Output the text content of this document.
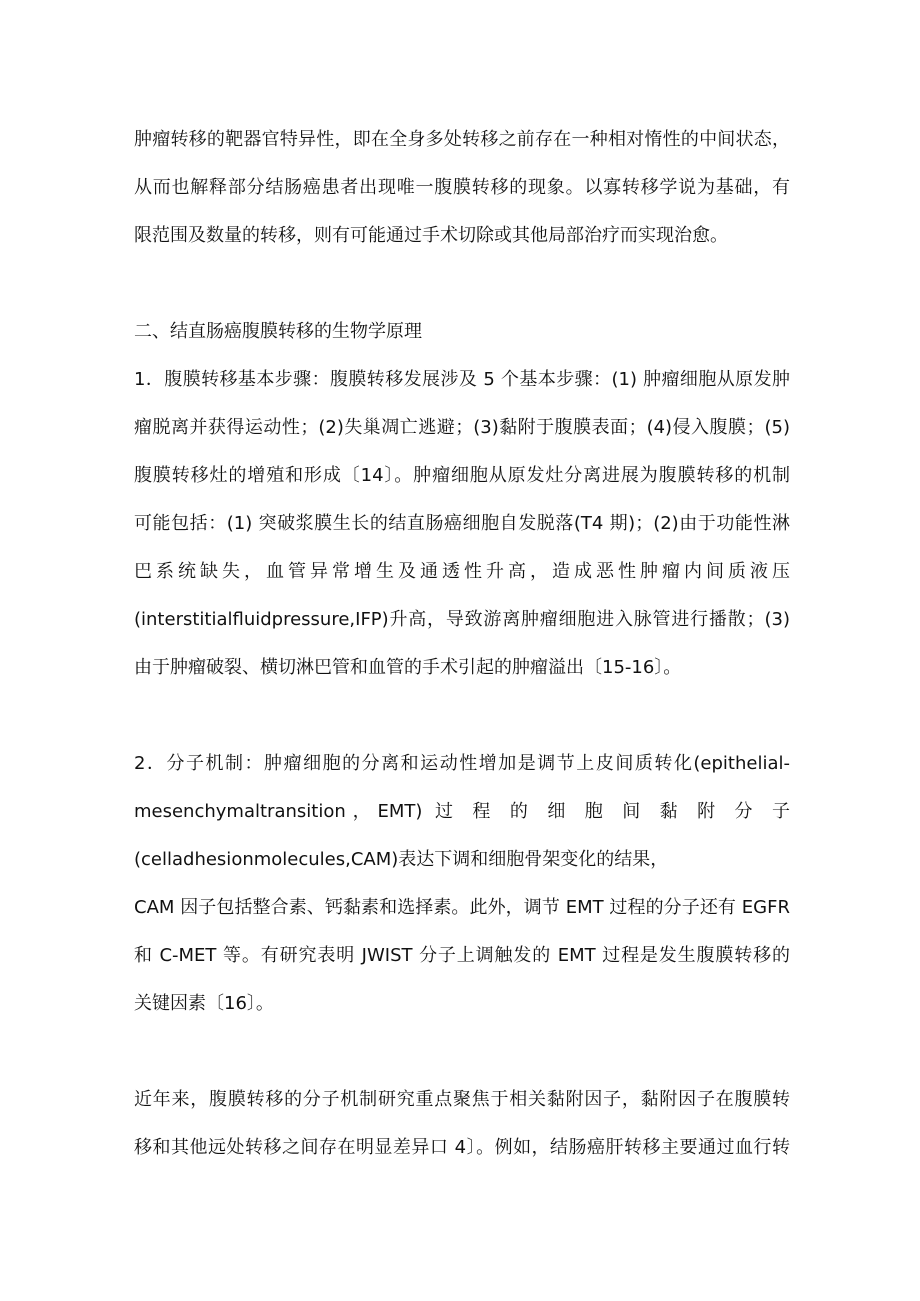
肿瘤转移的靶器官特异性，即在全身多处转移之前存在一种相对惰性的中间状态，
从而也解释部分结肠癌患者出现唯一腹膜转移的现象。以寡转移学说为基础，有
限范围及数量的转移，则有可能通过手术切除或其他局部治疗而实现治愈。
二、结直肠癌腹膜转移的生物学原理
1．腹膜转移基本步骤：腹膜转移发展涉及 5 个基本步骤：(1) 肿瘤细胞从原发肿
瘤脱离并获得运动性；(2)失巢凋亡逃避；(3)黏附于腹膜表面；(4)侵入腹膜；(5)
腹膜转移灶的增殖和形成〔14〕。肿瘤细胞从原发灶分离进展为腹膜转移的机制
可能包括：(1) 突破浆膜生长的结直肠癌细胞自发脱落(T4 期)；(2)由于功能性淋
巴系统缺失，血管异常增生及通透性升高，造成恶性肿瘤内间质液压
(interstitialfluidpressure,IFP)升高，导致游离肿瘤细胞进入脉管进行播散；(3)
由于肿瘤破裂、横切淋巴管和血管的手术引起的肿瘤溢出〔15-16〕。
2．分子机制：肿瘤细胞的分离和运动性增加是调节上皮间质转化(epithelial-
mesenchymaltransition，EMT) 过 程 的 细 胞 间 黏 附 分 子
(celladhesionmolecules,CAM)表达下调和细胞骨架变化的结果，
CAM 因子包括整合素、钙黏素和选择素。此外，调节 EMT 过程的分子还有 EGFR
和 C-MET 等。有研究表明 JWIST 分子上调触发的 EMT 过程是发生腹膜转移的
关键因素〔16〕。
近年来，腹膜转移的分子机制研究重点聚焦于相关黏附因子，黏附因子在腹膜转
移和其他远处转移之间存在明显差异口 4〕。例如，结肠癌肝转移主要通过血行转
